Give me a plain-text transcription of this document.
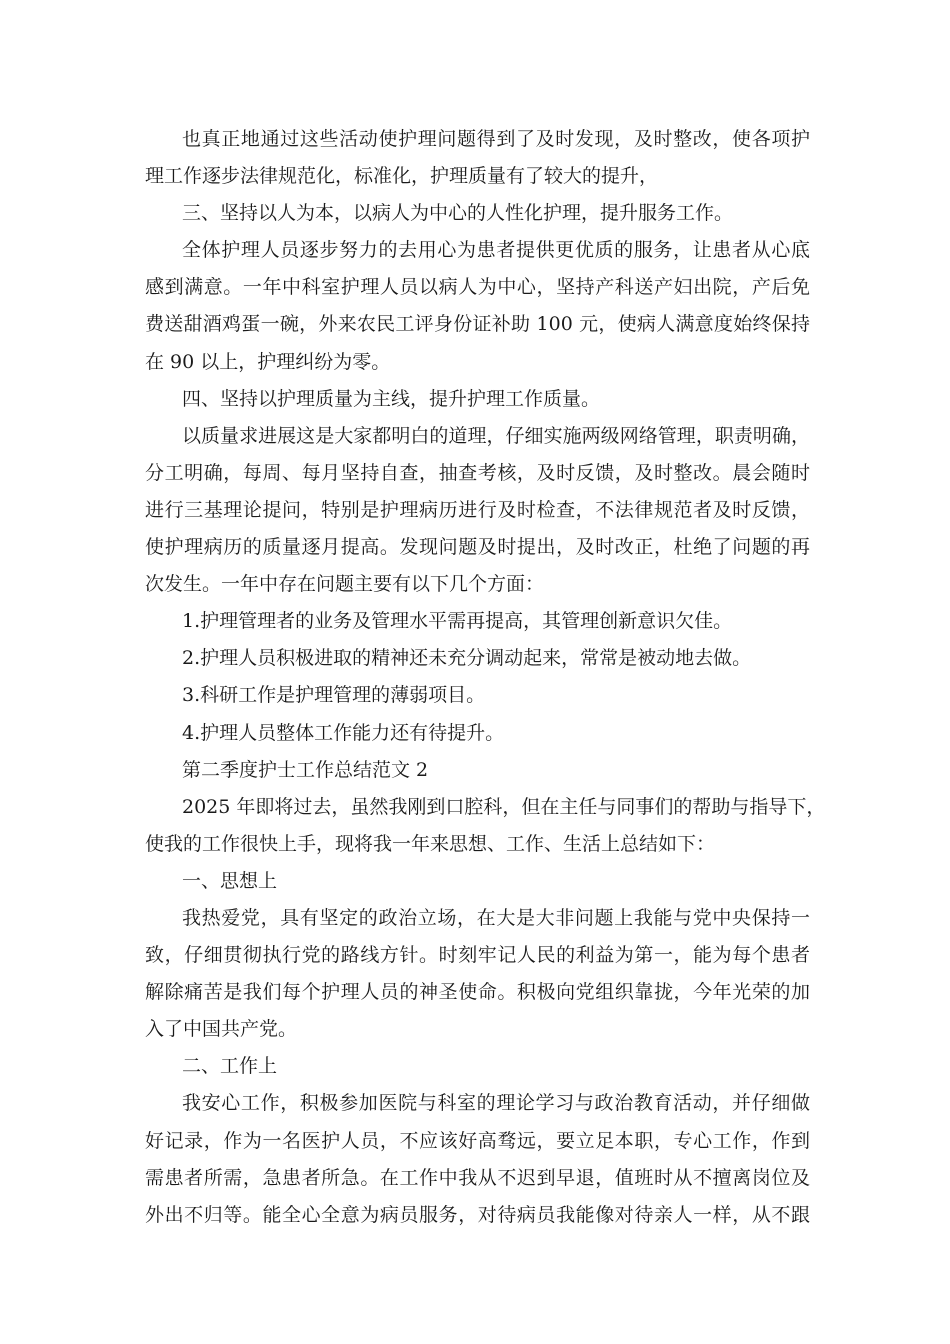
也真正地通过这些活动使护理问题得到了及时发现，及时整改，使各项护
理工作逐步法律规范化，标准化，护理质量有了较大的提升，
三、坚持以人为本，以病人为中心的人性化护理，提升服务工作。
全体护理人员逐步努力的去用心为患者提供更优质的服务，让患者从心底
感到满意。一年中科室护理人员以病人为中心，坚持产科送产妇出院，产后免
费送甜酒鸡蛋一碗，外来农民工评身份证补助 100 元，使病人满意度始终保持
在 90 以上，护理纠纷为零。
四、坚持以护理质量为主线，提升护理工作质量。
以质量求进展这是大家都明白的道理，仔细实施两级网络管理，职责明确，
分工明确，每周、每月坚持自查，抽查考核，及时反馈，及时整改。晨会随时
进行三基理论提问，特别是护理病历进行及时检查，不法律规范者及时反馈，
使护理病历的质量逐月提高。发现问题及时提出，及时改正，杜绝了问题的再
次发生。一年中存在问题主要有以下几个方面：
1.护理管理者的业务及管理水平需再提高，其管理创新意识欠佳。
2.护理人员积极进取的精神还未充分调动起来，常常是被动地去做。
3.科研工作是护理管理的薄弱项目。
4.护理人员整体工作能力还有待提升。
第二季度护士工作总结范文 2
2025 年即将过去，虽然我刚到口腔科，但在主任与同事们的帮助与指导下，
使我的工作很快上手，现将我一年来思想、工作、生活上总结如下：
一、思想上
我热爱党，具有坚定的政治立场，在大是大非问题上我能与党中央保持一
致，仔细贯彻执行党的路线方针。时刻牢记人民的利益为第一，能为每个患者
解除痛苦是我们每个护理人员的神圣使命。积极向党组织靠拢，今年光荣的加
入了中国共产党。
二、工作上
我安心工作，积极参加医院与科室的理论学习与政治教育活动，并仔细做
好记录，作为一名医护人员，不应该好高骛远，要立足本职，专心工作，作到
需患者所需，急患者所急。在工作中我从不迟到早退，值班时从不擅离岗位及
外出不归等。能全心全意为病员服务，对待病员我能像对待亲人一样，从不跟
